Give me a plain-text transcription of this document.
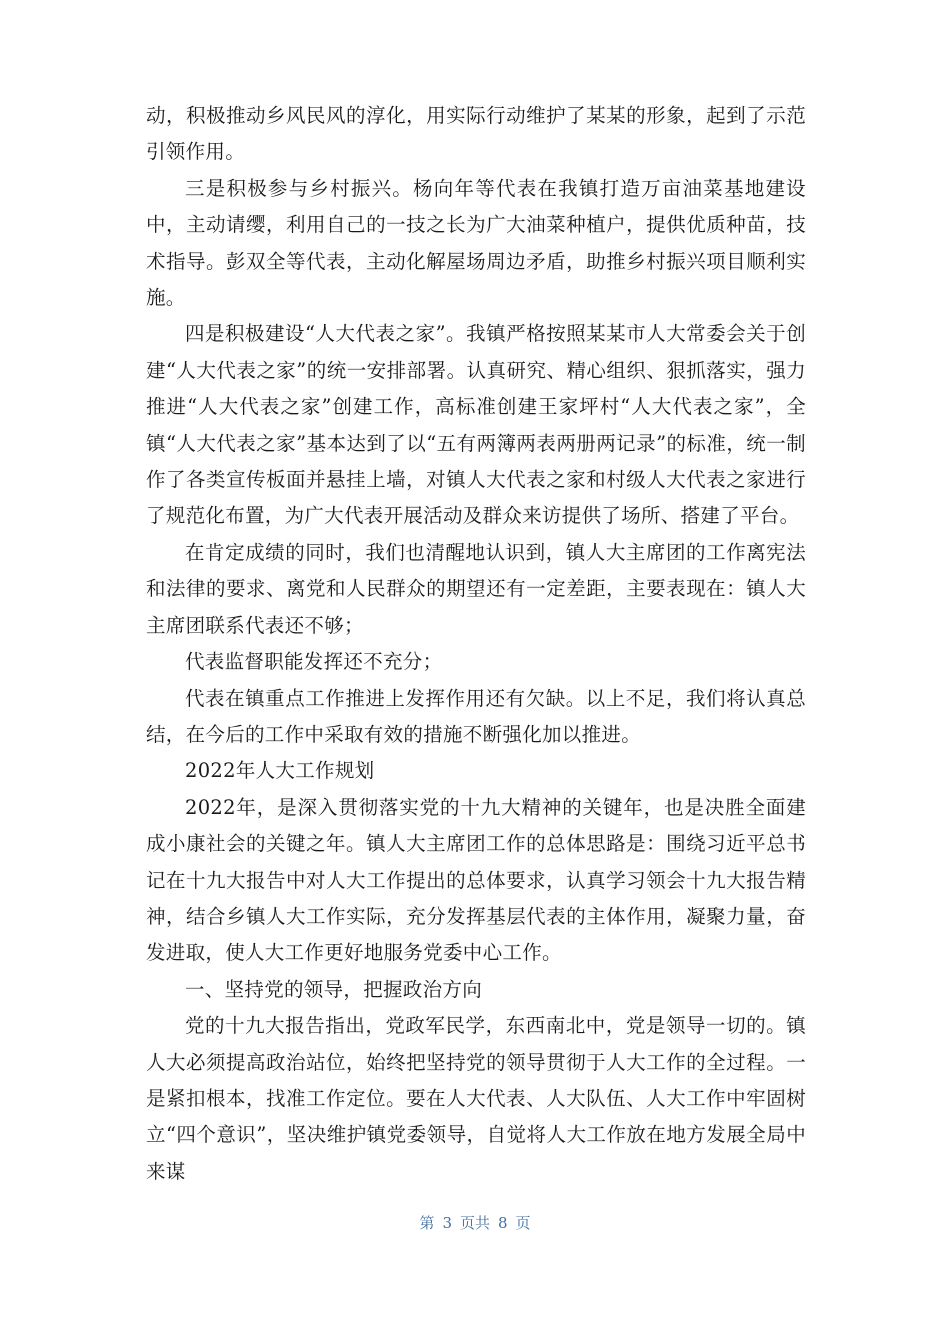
动，积极推动乡风民风的淳化，用实际行动维护了某某的形象，起到了示范引领作用。

三是积极参与乡村振兴。杨向年等代表在我镇打造万亩油菜基地建设中，主动请缨，利用自己的一技之长为广大油菜种植户，提供优质种苗，技术指导。彭双全等代表，主动化解屋场周边矛盾，助推乡村振兴项目顺利实施。

四是积极建设“人大代表之家”。我镇严格按照某某市人大常委会关于创建“人大代表之家”的统一安排部署。认真研究、精心组织、狠抓落实，强力推进“人大代表之家”创建工作，高标准创建王家坪村“人大代表之家”，全镇“人大代表之家”基本达到了以“五有两簿两表两册两记录”的标准，统一制作了各类宣传板面并悬挂上墙，对镇人大代表之家和村级人大代表之家进行了规范化布置，为广大代表开展活动及群众来访提供了场所、搭建了平台。

在肯定成绩的同时，我们也清醒地认识到，镇人大主席团的工作离宪法和法律的要求、离党和人民群众的期望还有一定差距，主要表现在：镇人大主席团联系代表还不够；

代表监督职能发挥还不充分；

代表在镇重点工作推进上发挥作用还有欠缺。以上不足，我们将认真总结，在今后的工作中采取有效的措施不断强化加以推进。

2022年人大工作规划

2022年，是深入贯彻落实党的十九大精神的关键年，也是决胜全面建成小康社会的关键之年。镇人大主席团工作的总体思路是：围绕习近平总书记在十九大报告中对人大工作提出的总体要求，认真学习领会十九大报告精神，结合乡镇人大工作实际，充分发挥基层代表的主体作用，凝聚力量，奋发进取，使人大工作更好地服务党委中心工作。

一、坚持党的领导，把握政治方向

党的十九大报告指出，党政军民学，东西南北中，党是领导一切的。镇人大必须提高政治站位，始终把坚持党的领导贯彻于人大工作的全过程。一是紧扣根本，找准工作定位。要在人大代表、人大队伍、人大工作中牢固树立“四个意识”，坚决维护镇党委领导，自觉将人大工作放在地方发展全局中来谋

第 3 页共 8 页
